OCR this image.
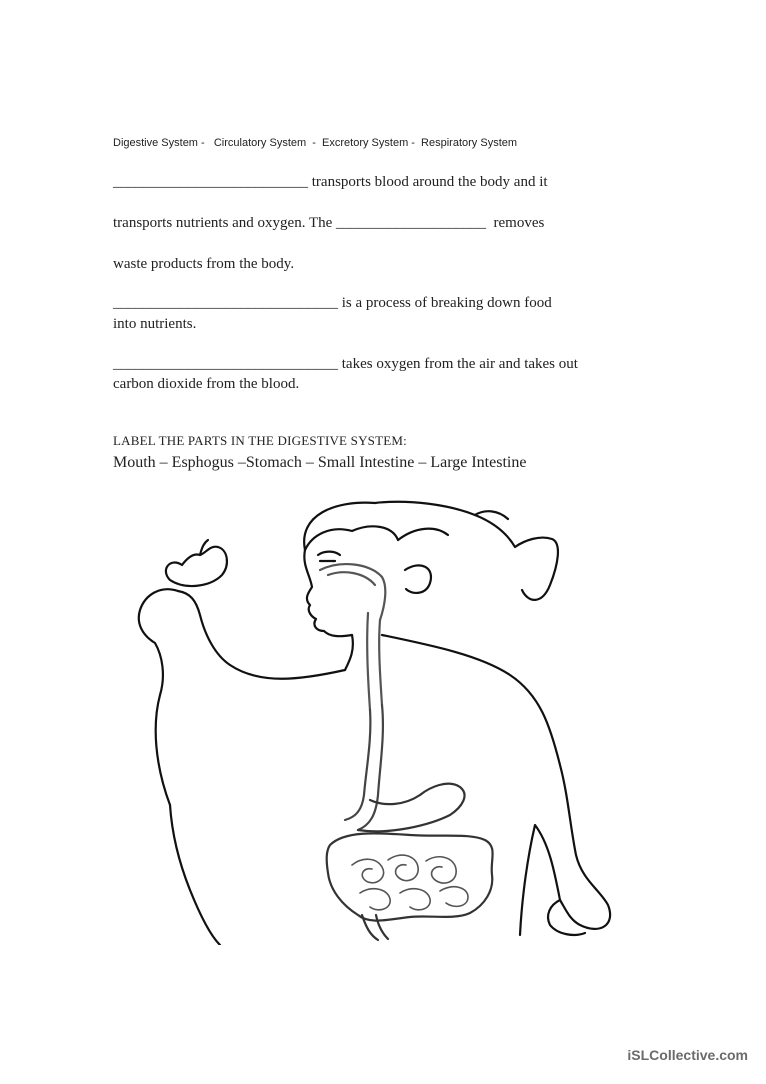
Digestive System -   Circulatory System  -  Excretory System -  Respiratory System
__________________________ transports blood around the body and it
transports nutrients and oxygen. The ____________________  removes
waste products from the body.
______________________________ is a process of breaking down food
into nutrients.
______________________________ takes oxygen from the air and takes out
carbon dioxide from the blood.
LABEL THE PARTS IN THE DIGESTIVE SYSTEM:
Mouth – Esphogus –Stomach – Small Intestine – Large Intestine
iSLCollective.com
